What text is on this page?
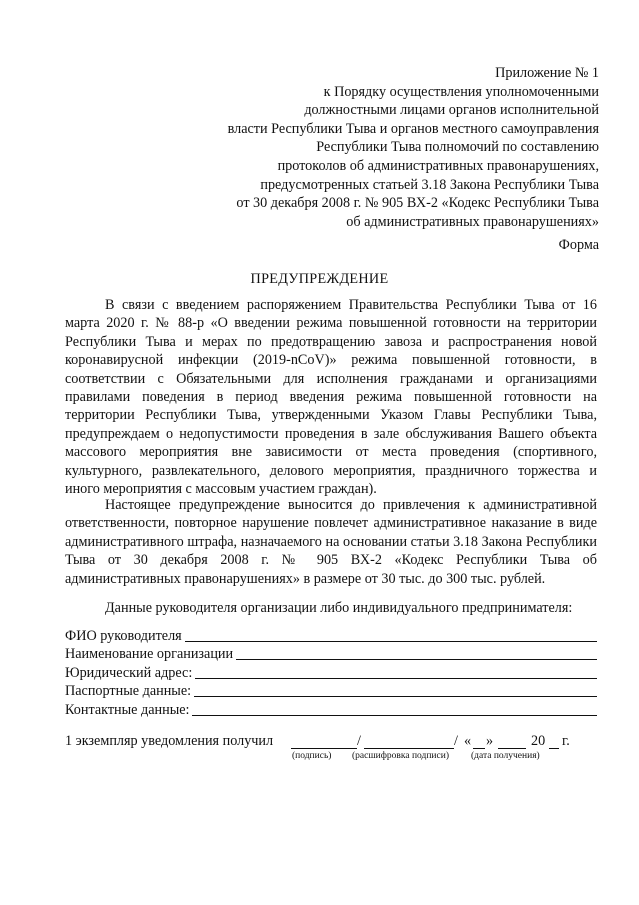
Приложение № 1
к Порядку осуществления уполномоченными
должностными лицами органов исполнительной
власти Республики Тыва и органов местного самоуправления
Республики Тыва полномочий по составлению
протоколов об административных правонарушениях,
предусмотренных статьей 3.18 Закона Республики Тыва
от 30 декабря 2008 г. № 905 ВХ-2 «Кодекс Республики Тыва
об административных правонарушениях»
Форма
ПРЕДУПРЕЖДЕНИЕ

В связи с введением распоряжением Правительства Республики Тыва от 16 марта 2020 г. № 88-р «О введении режима повышенной готовности на территории Республики Тыва и мерах по предотвращению завоза и распространения новой коронавирусной инфекции (2019-nCoV)» режима повышенной готовности, в соответствии с Обязательными для исполнения гражданами и организациями правилами поведения в период введения режима повышенной готовности на территории Республики Тыва, утвержденными Указом Главы Республики Тыва, предупреждаем о недопустимости проведения в зале обслуживания Вашего объекта массового мероприятия вне зависимости от места проведения (спортивного, культурного, развлекательного, делового мероприятия, праздничного торжества и иного мероприятия с массовым участием граждан).

Настоящее предупреждение выносится до привлечения к административной ответственности, повторное нарушение повлечет административное наказание в виде административного штрафа, назначаемого на основании статьи 3.18 Закона Республики Тыва от 30 декабря 2008 г. № 905 ВХ-2 «Кодекс Республики Тыва об административных правонарушениях» в размере от 30 тыс. до 300 тыс. рублей.

Данные руководителя организации либо индивидуального предпринимателя:
ФИО руководителя
Наименование организации
Юридический адрес:
Паспортные данные:
Контактные данные:
1 экземпляр уведомления получил	/	/ « »	20 г.
(подпись) (расшифровка подписи) (дата получения)
